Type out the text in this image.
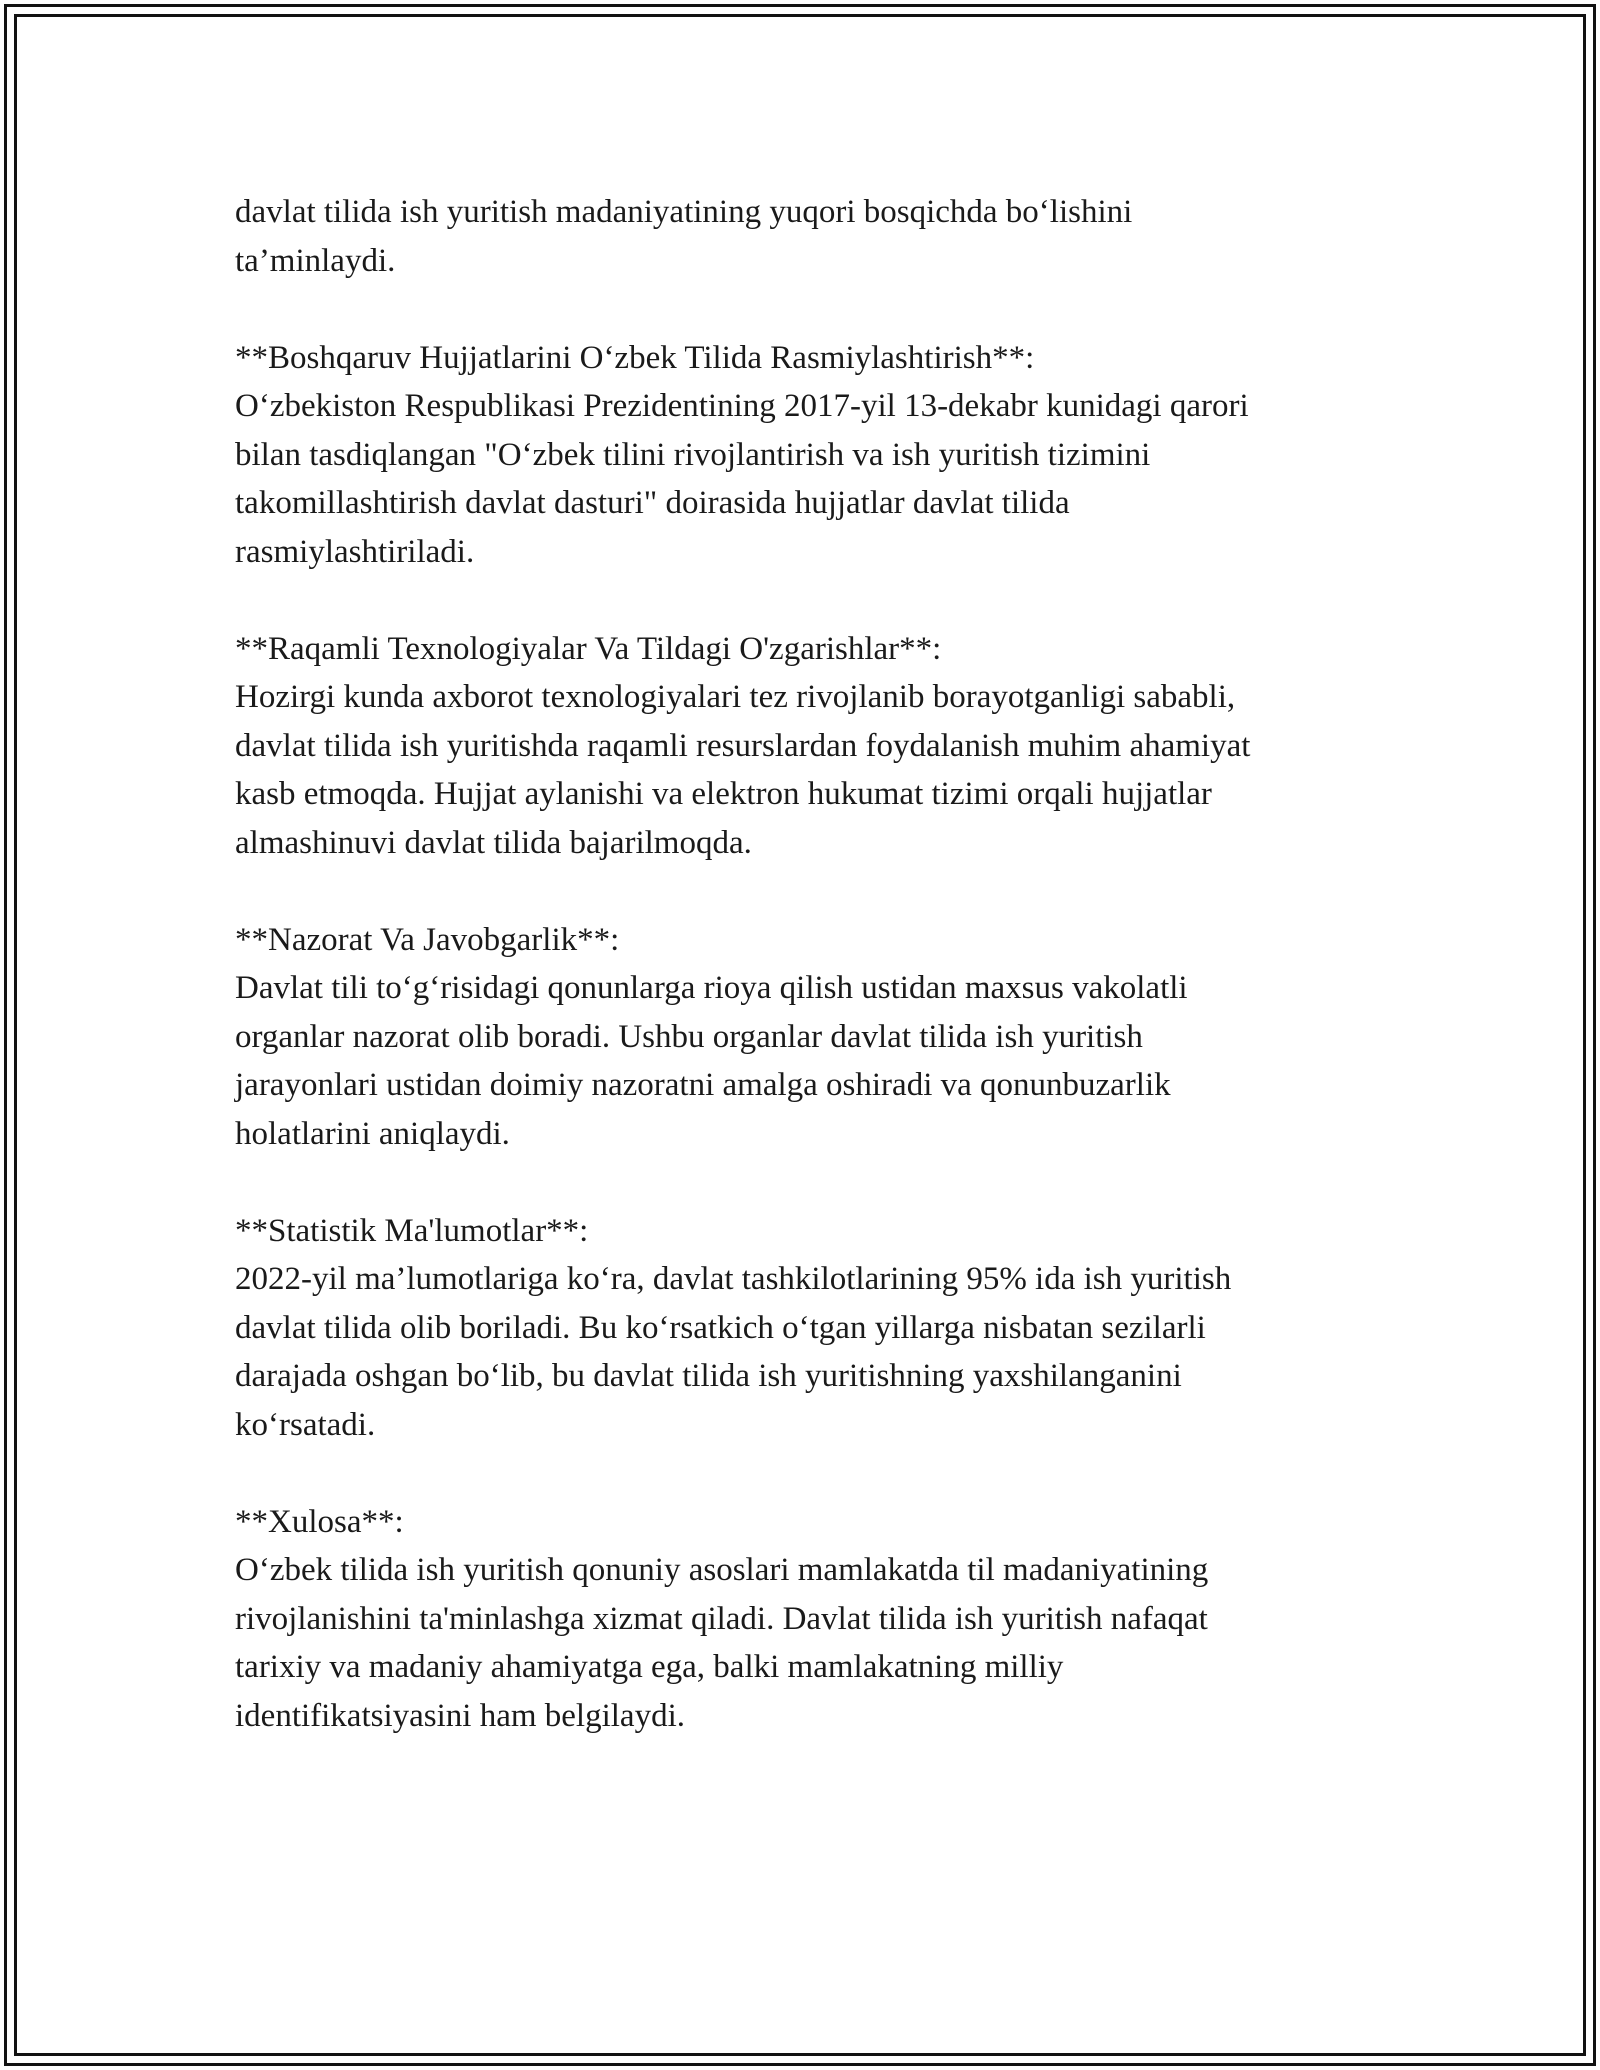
davlat tilida ish yuritish madaniyatining yuqori bosqichda bo‘lishini
ta’minlaydi.

**Boshqaruv Hujjatlarini O‘zbek Tilida Rasmiylashtirish**:
O‘zbekiston Respublikasi Prezidentining 2017-yil 13-dekabr kunidagi qarori
bilan tasdiqlangan "O‘zbek tilini rivojlantirish va ish yuritish tizimini
takomillashtirish davlat dasturi" doirasida hujjatlar davlat tilida
rasmiylashtiriladi.

**Raqamli Texnologiyalar Va Tildagi O'zgarishlar**:
Hozirgi kunda axborot texnologiyalari tez rivojlanib borayotganligi sababli,
davlat tilida ish yuritishda raqamli resurslardan foydalanish muhim ahamiyat
kasb etmoqda. Hujjat aylanishi va elektron hukumat tizimi orqali hujjatlar
almashinuvi davlat tilida bajarilmoqda.

**Nazorat Va Javobgarlik**:
Davlat tili to‘g‘risidagi qonunlarga rioya qilish ustidan maxsus vakolatli
organlar nazorat olib boradi. Ushbu organlar davlat tilida ish yuritish
jarayonlari ustidan doimiy nazoratni amalga oshiradi va qonunbuzarlik
holatlarini aniqlaydi.

**Statistik Ma'lumotlar**:
2022-yil ma’lumotlariga ko‘ra, davlat tashkilotlarining 95% ida ish yuritish
davlat tilida olib boriladi. Bu ko‘rsatkich o‘tgan yillarga nisbatan sezilarli
darajada oshgan bo‘lib, bu davlat tilida ish yuritishning yaxshilanganini
ko‘rsatadi.

**Xulosa**:
O‘zbek tilida ish yuritish qonuniy asoslari mamlakatda til madaniyatining
rivojlanishini ta'minlashga xizmat qiladi. Davlat tilida ish yuritish nafaqat
tarixiy va madaniy ahamiyatga ega, balki mamlakatning milliy
identifikatsiyasini ham belgilaydi.
